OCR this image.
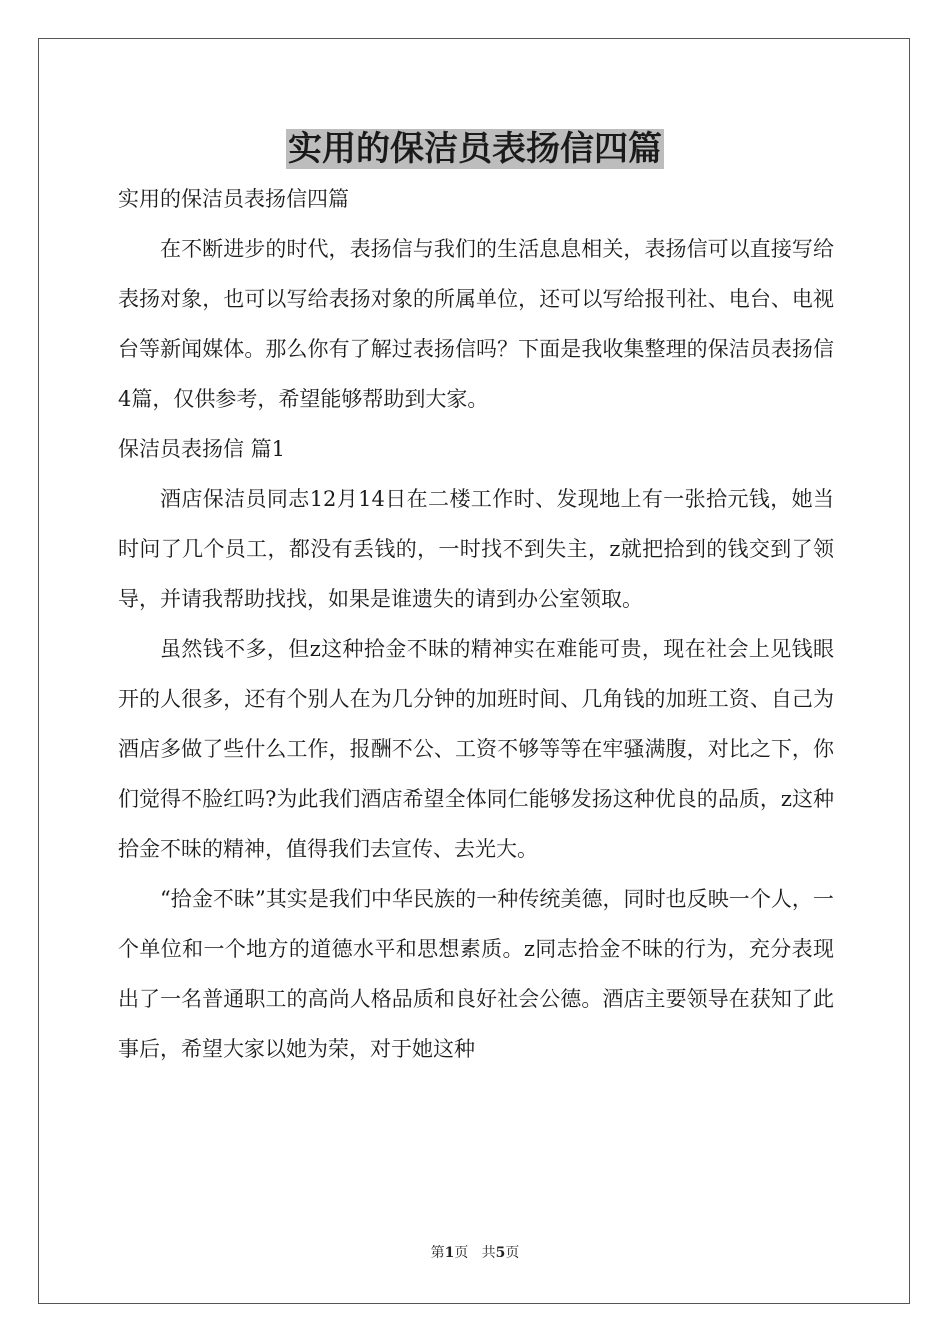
实用的保洁员表扬信四篇

实用的保洁员表扬信四篇

在不断进步的时代，表扬信与我们的生活息息相关，表扬信可以直接写给表扬对象，也可以写给表扬对象的所属单位，还可以写给报刊社、电台、电视台等新闻媒体。那么你有了解过表扬信吗？下面是我收集整理的保洁员表扬信4篇，仅供参考，希望能够帮助到大家。

保洁员表扬信 篇1

酒店保洁员同志12月14日在二楼工作时、发现地上有一张拾元钱，她当时问了几个员工，都没有丢钱的，一时找不到失主，z就把拾到的钱交到了领导，并请我帮助找找，如果是谁遗失的请到办公室领取。

虽然钱不多，但z这种拾金不昧的精神实在难能可贵，现在社会上见钱眼开的人很多，还有个别人在为几分钟的加班时间、几角钱的加班工资、自己为酒店多做了些什么工作，报酬不公、工资不够等等在牢骚满腹，对比之下，你们觉得不脸红吗?为此我们酒店希望全体同仁能够发扬这种优良的品质，z这种拾金不昧的精神，值得我们去宣传、去光大。

“拾金不昧”其实是我们中华民族的一种传统美德，同时也反映一个人，一个单位和一个地方的道德水平和思想素质。z同志拾金不昧的行为，充分表现出了一名普通职工的高尚人格品质和良好社会公德。酒店主要领导在获知了此事后，希望大家以她为荣，对于她这种

第1页 共5页
